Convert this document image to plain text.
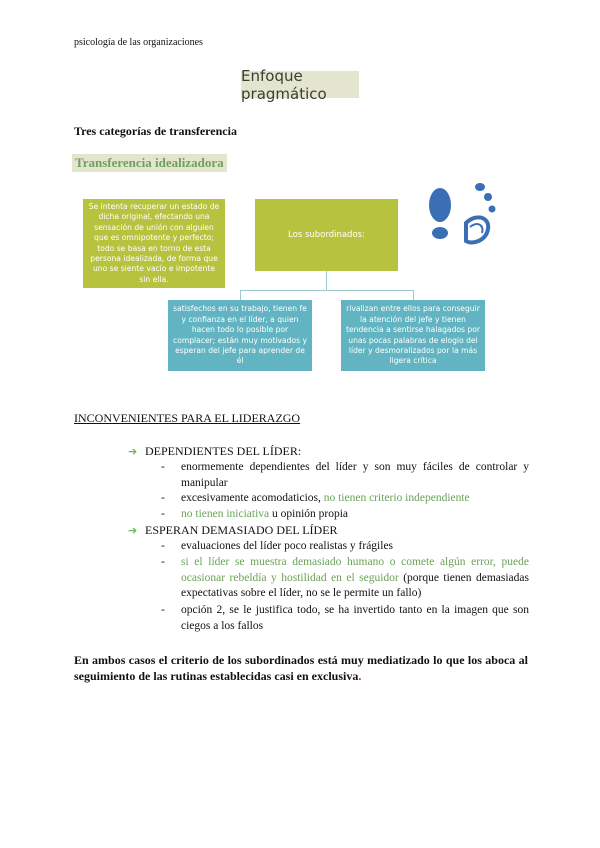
psicología de las organizaciones
Enfoque pragmático
Tres categorías de transferencia
Transferencia idealizadora
Se intenta recuperar un estado de dicha original, efectando una sensación de unión con alguien que es omnipotente y perfecto; todo se basa en torno de esta persona idealizada, de forma que uno se siente vacío e impotente sin ella.
Los subordinados:
satisfechos en su trabajo, tienen fe y confianza en el líder, a quien hacen todo lo posible por complacer; están muy motivados y esperan del jefe para aprender de él
rivalizan entre ellos para conseguir la atención del jefe y tienen tendencia a sentirse halagados por unas pocas palabras de elogio del líder y desmoralizados por la más ligera crítica
INCONVENIENTES PARA EL LIDERAZGO
➔ DEPENDIENTES DEL LÍDER:
- enormemente dependientes del líder y son muy fáciles de controlar y manipular
- excesivamente acomodaticios, no tienen criterio independiente
- no tienen iniciativa u opinión propia
➔ ESPERAN DEMASIADO DEL LÍDER
- evaluaciones del líder poco realistas y frágiles
- si el líder se muestra demasiado humano o comete algún error, puede ocasionar rebeldía y hostilidad en el seguidor (porque tienen demasiadas expectativas sobre el líder, no se le permite un fallo)
- opción 2, se le justifica todo, se ha invertido tanto en la imagen que son ciegos a los fallos
En ambos casos el criterio de los subordinados está muy mediatizado lo que los aboca al seguimiento de las rutinas establecidas casi en exclusiva.
